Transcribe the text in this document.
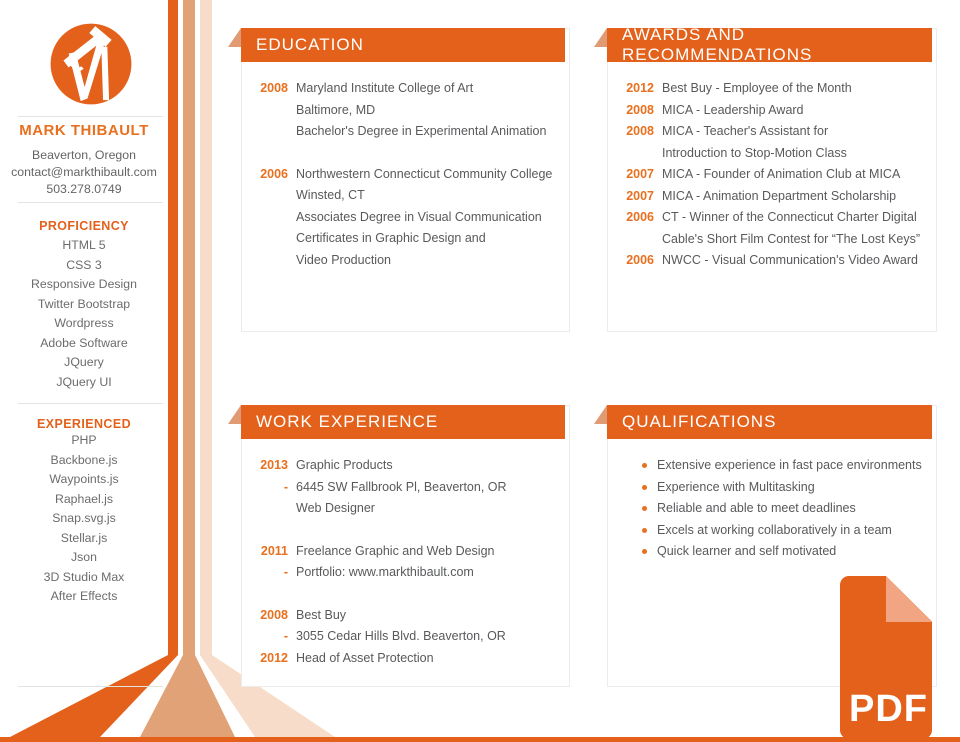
MARK THIBAULT
Beaverton, Oregon
contact@markthibault.com
503.278.0749
PROFICIENCY
HTML 5
CSS 3
Responsive Design
Twitter Bootstrap
Wordpress
Adobe Software
JQuery
JQuery UI
EXPERIENCED
PHP
Backbone.js
Waypoints.js
Raphael.js
Snap.svg.js
Stellar.js
Json
3D Studio Max
After Effects
EDUCATION
2008 Maryland Institute College of Art
Baltimore, MD
Bachelor's Degree in Experimental Animation
2006 Northwestern Connecticut Community College
Winsted, CT
Associates Degree in Visual Communication
Certificates in Graphic Design and
Video Production
AWARDS AND RECOMMENDATIONS
2012 Best Buy - Employee of the Month
2008 MICA - Leadership Award
2008 MICA - Teacher's Assistant for
Introduction to Stop-Motion Class
2007 MICA - Founder of Animation Club at MICA
2007 MICA - Animation Department Scholarship
2006 CT - Winner of the Connecticut Charter Digital
Cable's Short Film Contest for “The Lost Keys”
2006 NWCC - Visual Communication's Video Award
WORK EXPERIENCE
2013 Graphic Products
- 6445 SW Fallbrook Pl, Beaverton, OR
Web Designer
2011 Freelance Graphic and Web Design
- Portfolio: www.markthibault.com
2008 Best Buy
- 3055 Cedar Hills Blvd. Beaverton, OR
2012 Head of Asset Protection
QUALIFICATIONS
Extensive experience in fast pace environments
Experience with Multitasking
Reliable and able to meet deadlines
Excels at working collaboratively in a team
Quick learner and self motivated
PDF
